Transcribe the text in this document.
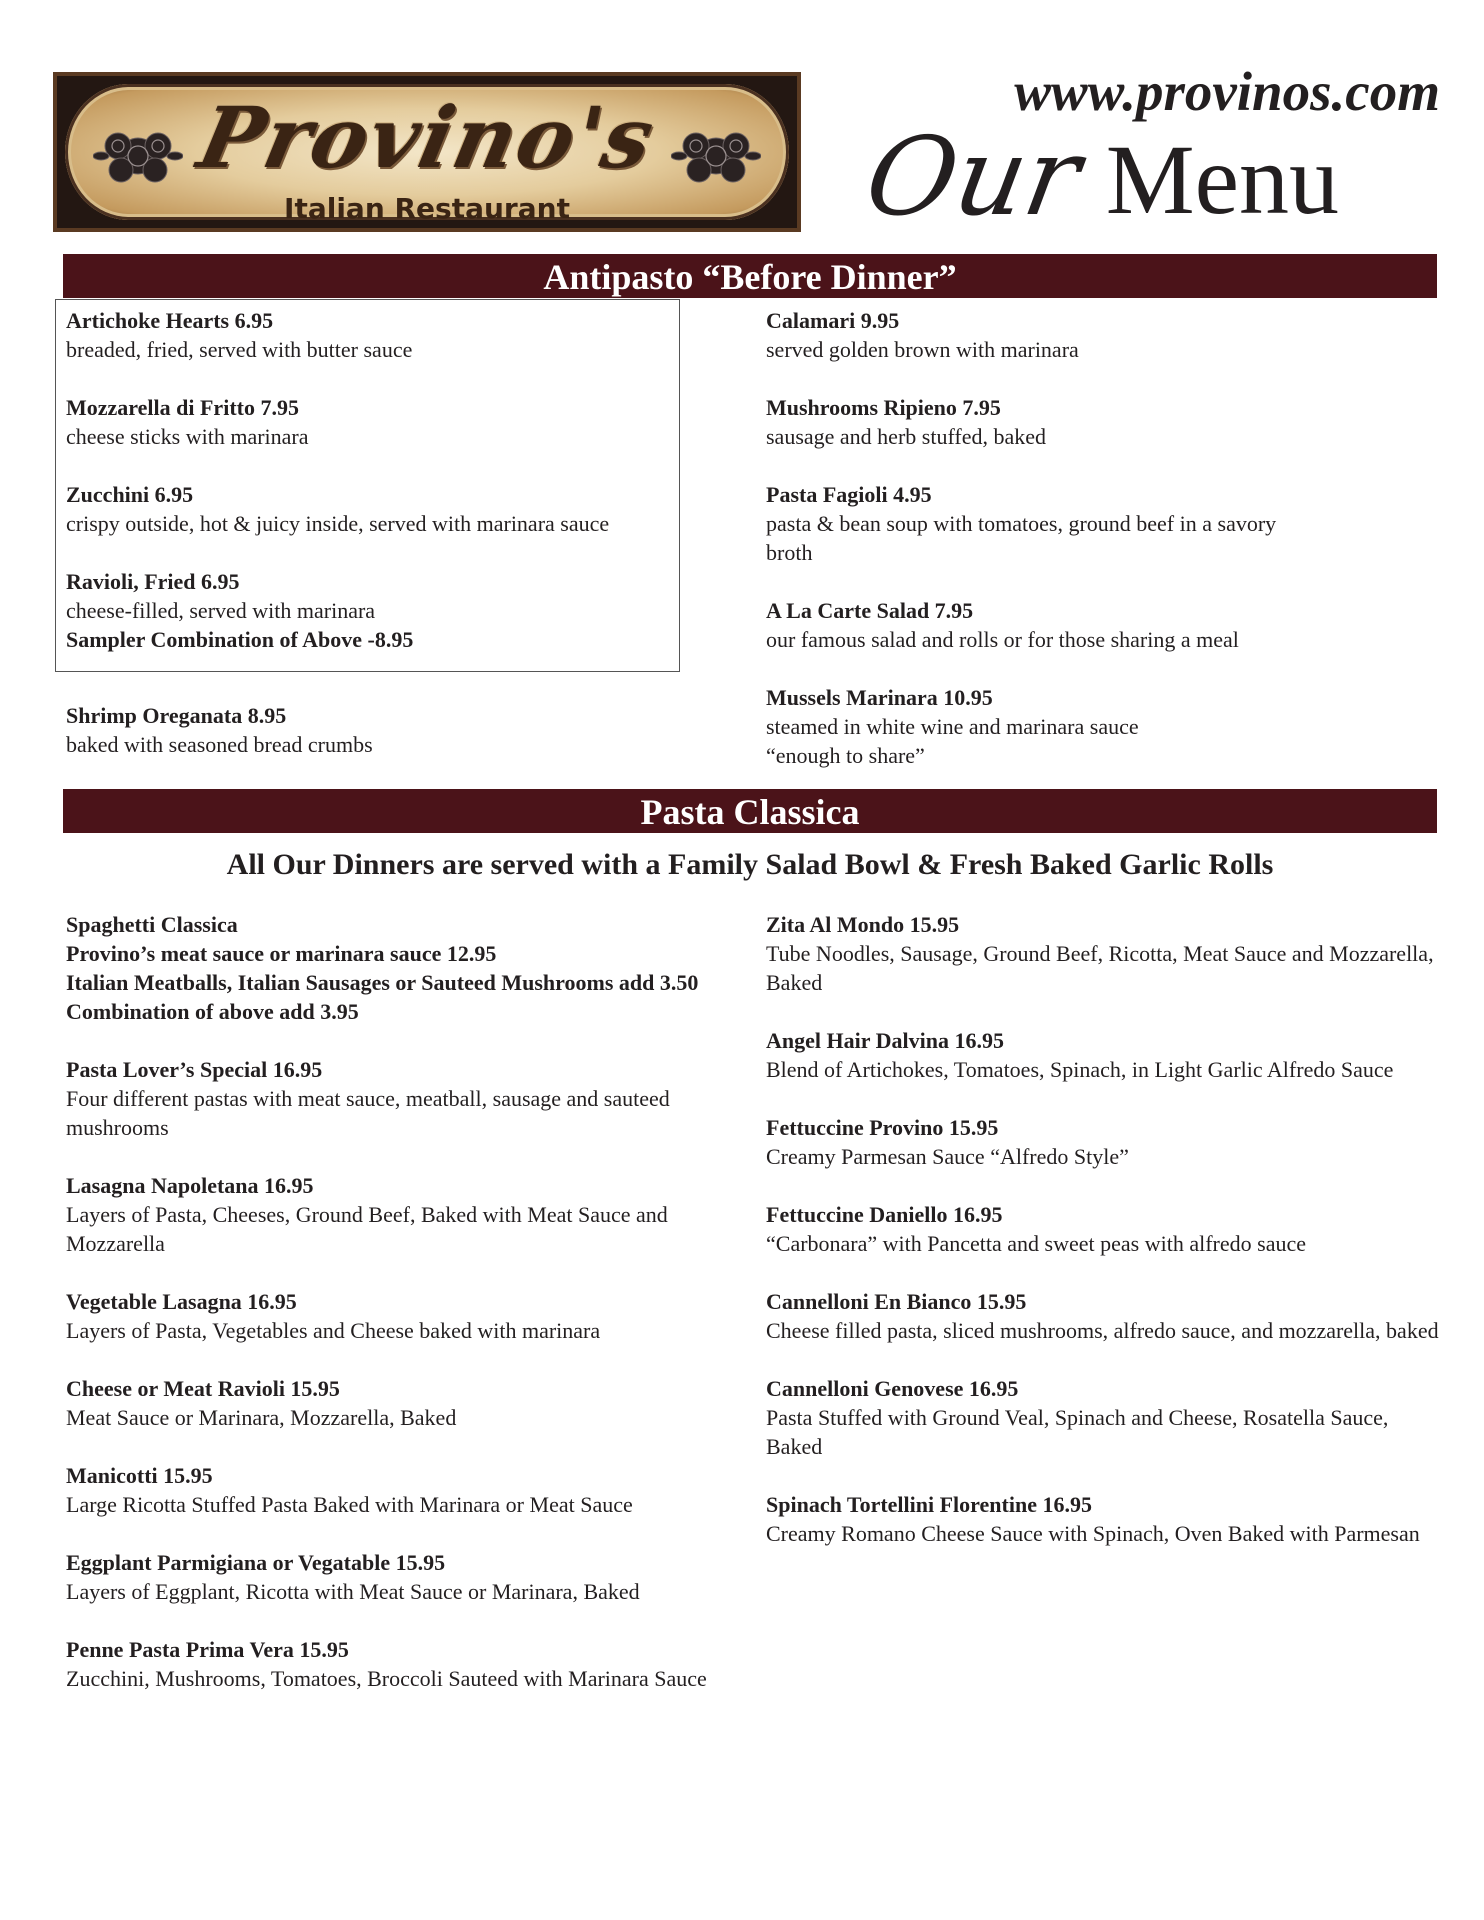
Provino's
Italian Restaurant
www.provinos.com
Our Menu
Antipasto “Before Dinner”
Artichoke Hearts 6.95
breaded, fried, served with butter sauce
Mozzarella di Fritto 7.95
cheese sticks with marinara
Zucchini 6.95
crispy outside, hot & juicy inside, served with marinara sauce
Ravioli, Fried 6.95
cheese-filled, served with marinara
Sampler Combination of Above -8.95
Shrimp Oreganata 8.95
baked with seasoned bread crumbs
Calamari 9.95
served golden brown with marinara
Mushrooms Ripieno 7.95
sausage and herb stuffed, baked
Pasta Fagioli 4.95
pasta & bean soup with tomatoes, ground beef in a savory broth
A La Carte Salad 7.95
our famous salad and rolls or for those sharing a meal
Mussels Marinara 10.95
steamed in white wine and marinara sauce
“enough to share”
Pasta Classica
All Our Dinners are served with a Family Salad Bowl & Fresh Baked Garlic Rolls
Spaghetti Classica
Provino’s meat sauce or marinara sauce 12.95
Italian Meatballs, Italian Sausages or Sauteed Mushrooms add 3.50
Combination of above add 3.95
Pasta Lover’s Special 16.95
Four different pastas with meat sauce, meatball, sausage and sauteed mushrooms
Lasagna Napoletana 16.95
Layers of Pasta, Cheeses, Ground Beef, Baked with Meat Sauce and Mozzarella
Vegetable Lasagna 16.95
Layers of Pasta, Vegetables and Cheese baked with marinara
Cheese or Meat Ravioli 15.95
Meat Sauce or Marinara, Mozzarella, Baked
Manicotti 15.95
Large Ricotta Stuffed Pasta Baked with Marinara or Meat Sauce
Eggplant Parmigiana or Vegatable 15.95
Layers of Eggplant, Ricotta with Meat Sauce or Marinara, Baked
Penne Pasta Prima Vera 15.95
Zucchini, Mushrooms, Tomatoes, Broccoli Sauteed with Marinara Sauce
Zita Al Mondo 15.95
Tube Noodles, Sausage, Ground Beef, Ricotta, Meat Sauce and Mozzarella, Baked
Angel Hair Dalvina 16.95
Blend of Artichokes, Tomatoes, Spinach, in Light Garlic Alfredo Sauce
Fettuccine Provino 15.95
Creamy Parmesan Sauce “Alfredo Style”
Fettuccine Daniello 16.95
“Carbonara” with Pancetta and sweet peas with alfredo sauce
Cannelloni En Bianco 15.95
Cheese filled pasta, sliced mushrooms, alfredo sauce, and mozzarella, baked
Cannelloni Genovese 16.95
Pasta Stuffed with Ground Veal, Spinach and Cheese, Rosatella Sauce, Baked
Spinach Tortellini Florentine 16.95
Creamy Romano Cheese Sauce with Spinach, Oven Baked with Parmesan
